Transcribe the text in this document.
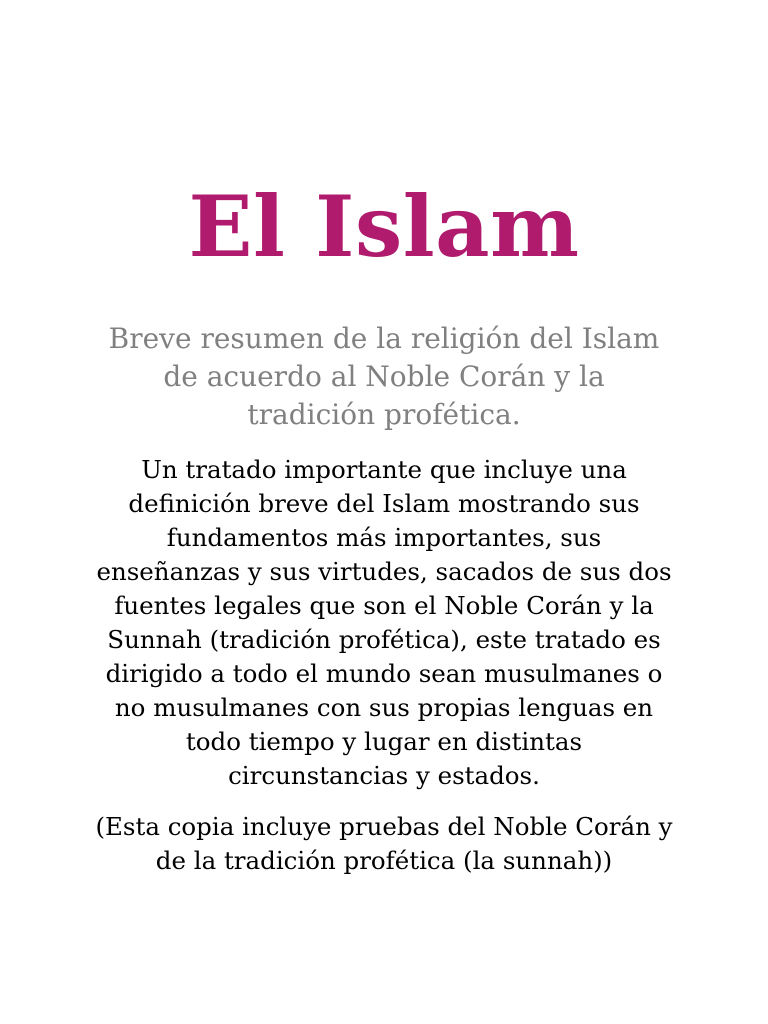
El Islam
Breve resumen de la religión del Islam
de acuerdo al Noble Corán y la
tradición profética.
Un tratado importante que incluye una
definición breve del Islam mostrando sus
fundamentos más importantes, sus
enseñanzas y sus virtudes, sacados de sus dos
fuentes legales que son el Noble Corán y la
Sunnah (tradición profética), este tratado es
dirigido a todo el mundo sean musulmanes o
no musulmanes con sus propias lenguas en
todo tiempo y lugar en distintas
circunstancias y estados.
(Esta copia incluye pruebas del Noble Corán y
de la tradición profética (la sunnah))
